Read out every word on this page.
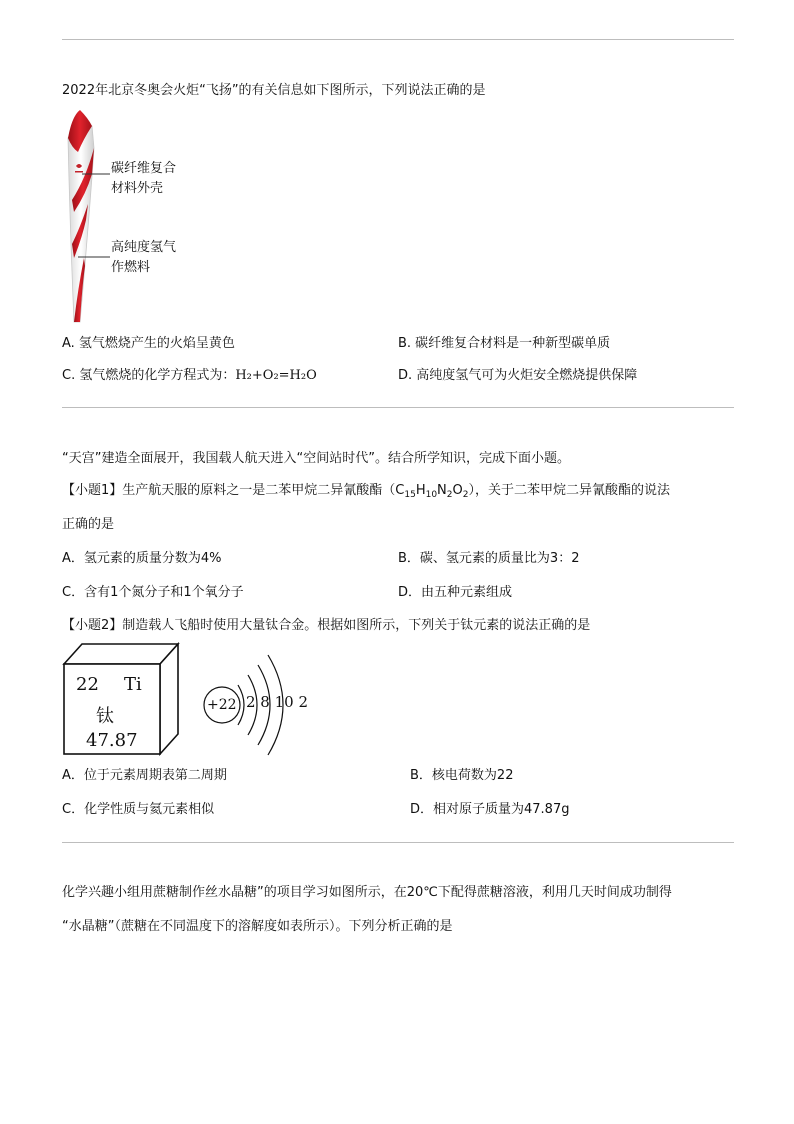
2022年北京冬奥会火炬“飞扬”的有关信息如下图所示，下列说法正确的是
碳纤维复合
材料外壳
高纯度氢气
作燃料
A. 氢气燃烧产生的火焰呈黄色	B. 碳纤维复合材料是一种新型碳单质
C. 氢气燃烧的化学方程式为：H₂+O₂=H₂O	D. 高纯度氢气可为火炬安全燃烧提供保障
“天宫”建造全面展开，我国载人航天进入“空间站时代”。结合所学知识，完成下面小题。
【小题1】生产航天服的原料之一是二苯甲烷二异氰酸酯$(C_{15}H_{10}N_2O_2)$，关于二苯甲烷二异氰酸酯的说法
正确的是
A．氢元素的质量分数为4%	B．碳、氢元素的质量比为3：2
C．含有1个氮分子和1个氧分子	D．由五种元素组成
【小题2】制造载人飞船时使用大量钛合金。根据如图所示，下列关于钛元素的说法正确的是
22 Ti
钛
47.87
+22 2 8 10 2
A．位于元素周期表第二周期	B．核电荷数为22
C．化学性质与氦元素相似	D．相对原子质量为47.87g
化学兴趣小组用蔗糖制作丝水晶糖”的项目学习如图所示，在20℃下配得蔗糖溶液，利用几天时间成功制得
“水晶糖”（蔗糖在不同温度下的溶解度如表所示）。下列分析正确的是
